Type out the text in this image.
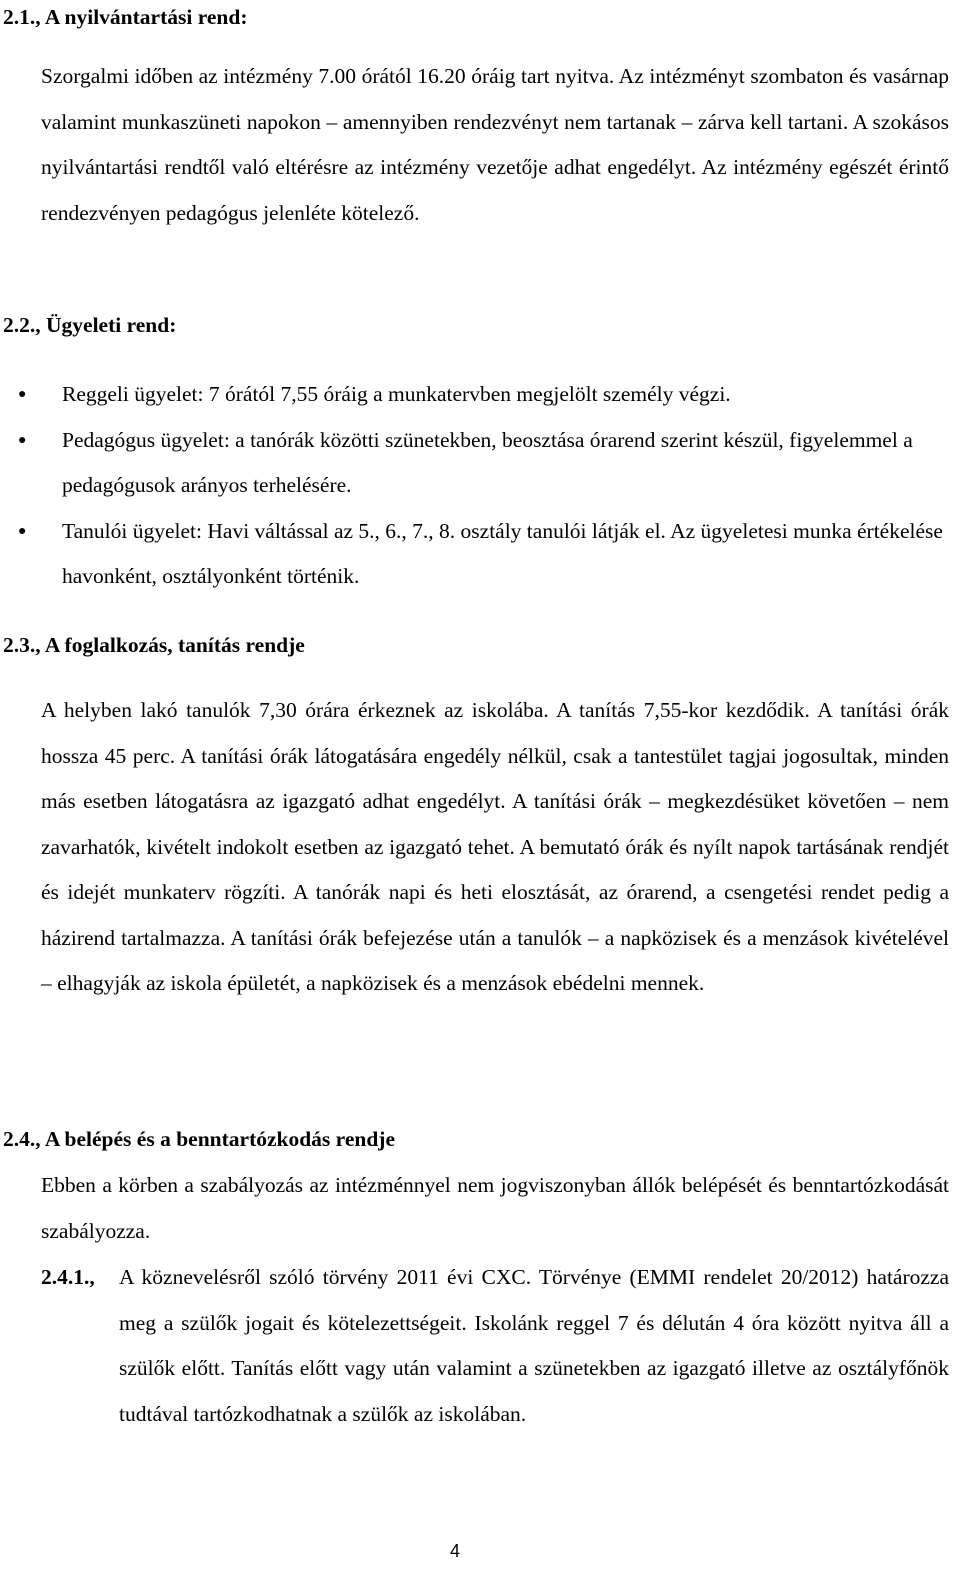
2.1., A nyilvántartási rend:

Szorgalmi időben az intézmény 7.00 órától 16.20 óráig tart nyitva. Az intézményt szombaton és vasárnap valamint munkaszüneti napokon – amennyiben rendezvényt nem tartanak – zárva kell tartani. A szokásos nyilvántartási rendtől való eltérésre az intézmény vezetője adhat engedélyt. Az intézmény egészét érintő rendezvényen pedagógus jelenléte kötelező.

2.2., Ügyeleti rend:
●	Reggeli ügyelet: 7 órától 7,55 óráig a munkatervben megjelölt személy végzi.
●	Pedagógus ügyelet: a tanórák közötti szünetekben, beosztása órarend szerint készül, figyelemmel a pedagógusok arányos terhelésére.
●	Tanulói ügyelet: Havi váltással az 5., 6., 7., 8. osztály tanulói látják el. Az ügyeletesi munka értékelése havonként, osztályonként történik.
2.3., A foglalkozás, tanítás rendje

A helyben lakó tanulók 7,30 órára érkeznek az iskolába. A tanítás 7,55-kor kezdődik. A tanítási órák hossza 45 perc. A tanítási órák látogatására engedély nélkül, csak a tantestület tagjai jogosultak, minden más esetben látogatásra az igazgató adhat engedélyt. A tanítási órák – megkezdésüket követően – nem zavarhatók, kivételt indokolt esetben az igazgató tehet. A bemutató órák és nyílt napok tartásának rendjét és idejét munkaterv rögzíti. A tanórák napi és heti elosztását, az órarend, a csengetési rendet pedig a házirend tartalmazza. A tanítási órák befejezése után a tanulók – a napközisek és a menzások kivételével – elhagyják az iskola épületét, a napközisek és a menzások ebédelni mennek.

2.4., A belépés és a benntartózkodás rendje

Ebben a körben a szabályozás az intézménnyel nem jogviszonyban állók belépését és benntartózkodását szabályozza.

2.4.1., A köznevelésről szóló törvény 2011 évi CXC. Törvénye (EMMI rendelet 20/2012) határozza meg a szülők jogait és kötelezettségeit. Iskolánk reggel 7 és délután 4 óra között nyitva áll a szülők előtt. Tanítás előtt vagy után valamint a szünetekben az igazgató illetve az osztályfőnök tudtával tartózkodhatnak a szülők az iskolában.

4
